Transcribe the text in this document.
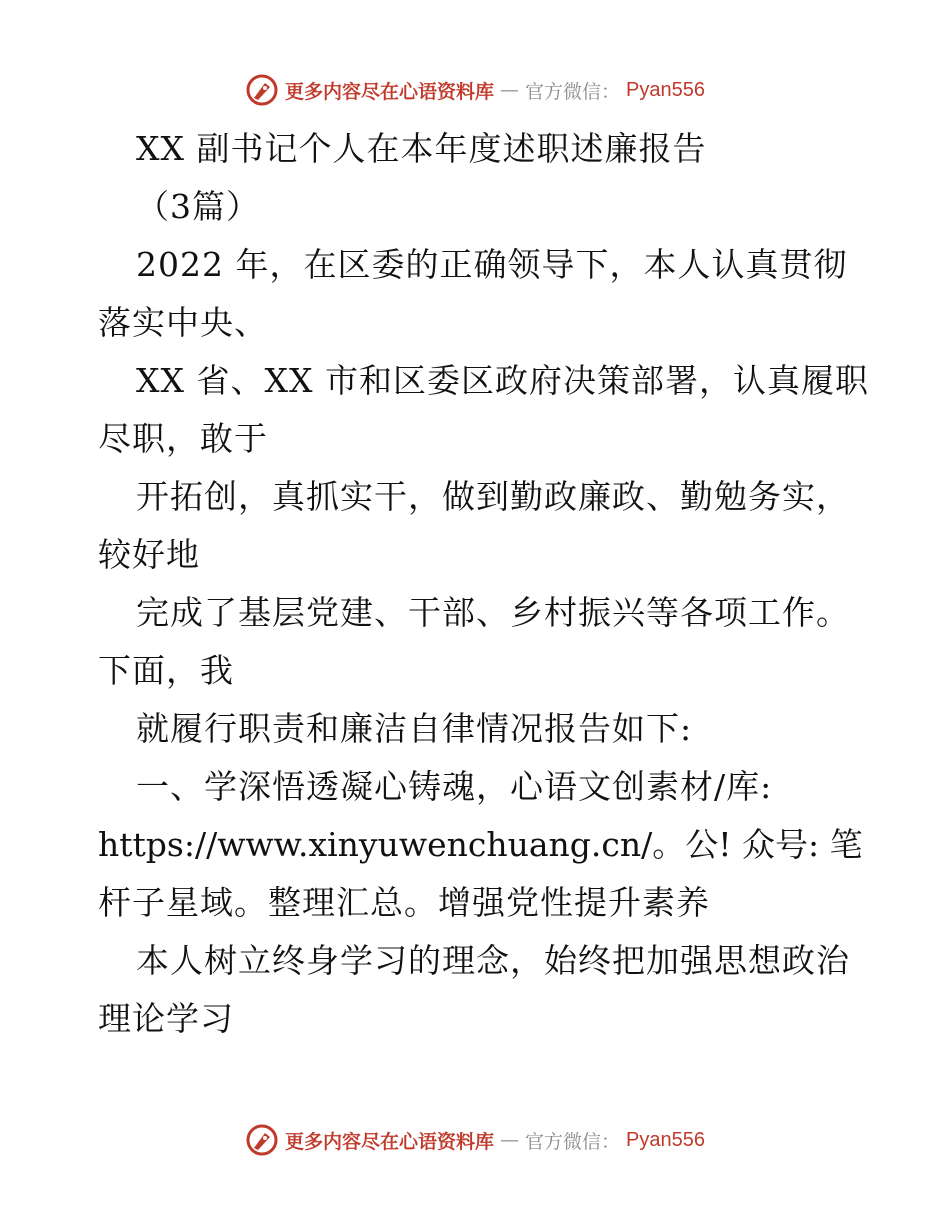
更多内容尽在心语资料库 — 官方微信： Pyan556
XX 副书记个人在本年度述职述廉报告
（3篇）
2022 年，在区委的正确领导下，本人认真贯彻
落实中央、
XX 省、XX 市和区委区政府决策部署，认真履职
尽职，敢于
开拓创，真抓实干，做到勤政廉政、勤勉务实，
较好地
完成了基层党建、干部、乡村振兴等各项工作。
下面，我
就履行职责和廉洁自律情况报告如下:
一、学深悟透凝心铸魂，心语文创素材/库:
https://www.xinyuwenchuang.cn/。公! 众号: 笔
杆子星域。整理汇总。增强党性提升素养
本人树立终身学习的理念，始终把加强思想政治
理论学习
更多内容尽在心语资料库 — 官方微信： Pyan556
